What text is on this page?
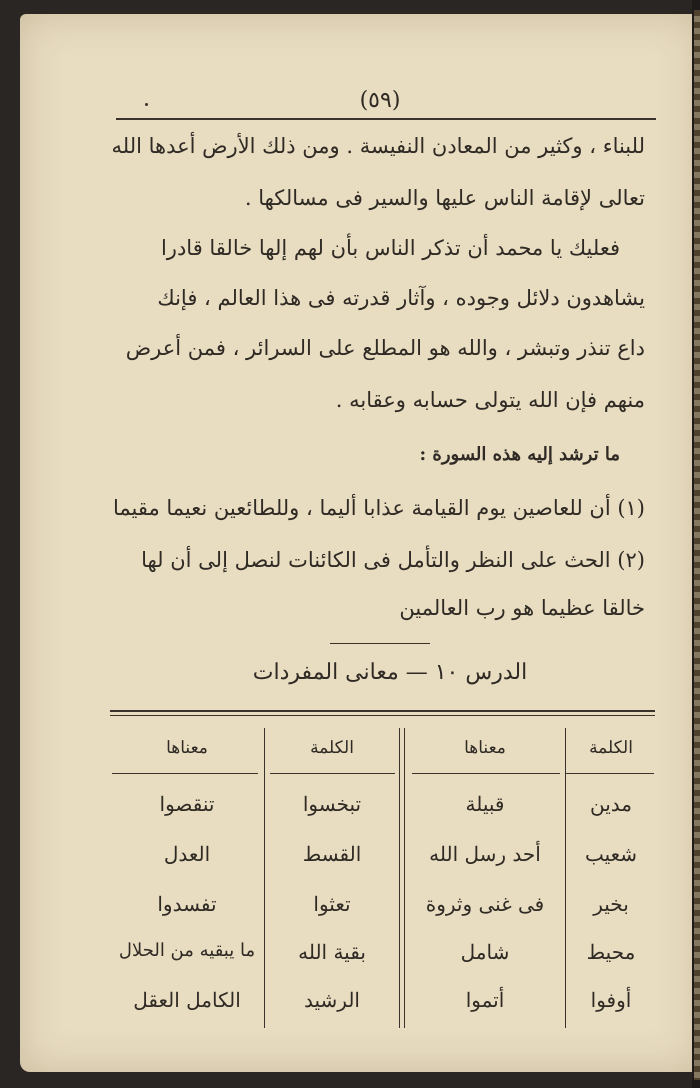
(٥٩)
للبناء ، وكثير من المعادن النفيسة . ومن ذلك الأرض أعدها الله
تعالى لإقامة الناس عليها والسير فى مسالكها .
فعليك يا محمد أن تذكر الناس بأن لهم إلها خالقا قادرا
يشاهدون دلائل وجوده ، وآثار قدرته فى هذا العالم ، فإنك
داع تنذر وتبشر ، والله هو المطلع على السرائر ، فمن أعرض
منهم فإن الله يتولى حسابه وعقابه .
ما ترشد إليه هذه السورة :
(١) أن للعاصين يوم القيامة عذابا أليما ، وللطائعين نعيما مقيما
(٢) الحث على النظر والتأمل فى الكائنات لنصل إلى أن لها
خالقا عظيما هو رب العالمين
الدرس ١٠ — معانى المفردات
الكلمة
معناها
الكلمة
معناها
مدين
قبيلة
تبخسوا
تنقصوا
شعيب
أحد رسل الله
القسط
العدل
بخير
فى غنى وثروة
تعثوا
تفسدوا
محيط
شامل
بقية الله
ما يبقيه من الحلال
أوفوا
أتموا
الرشيد
الكامل العقل
